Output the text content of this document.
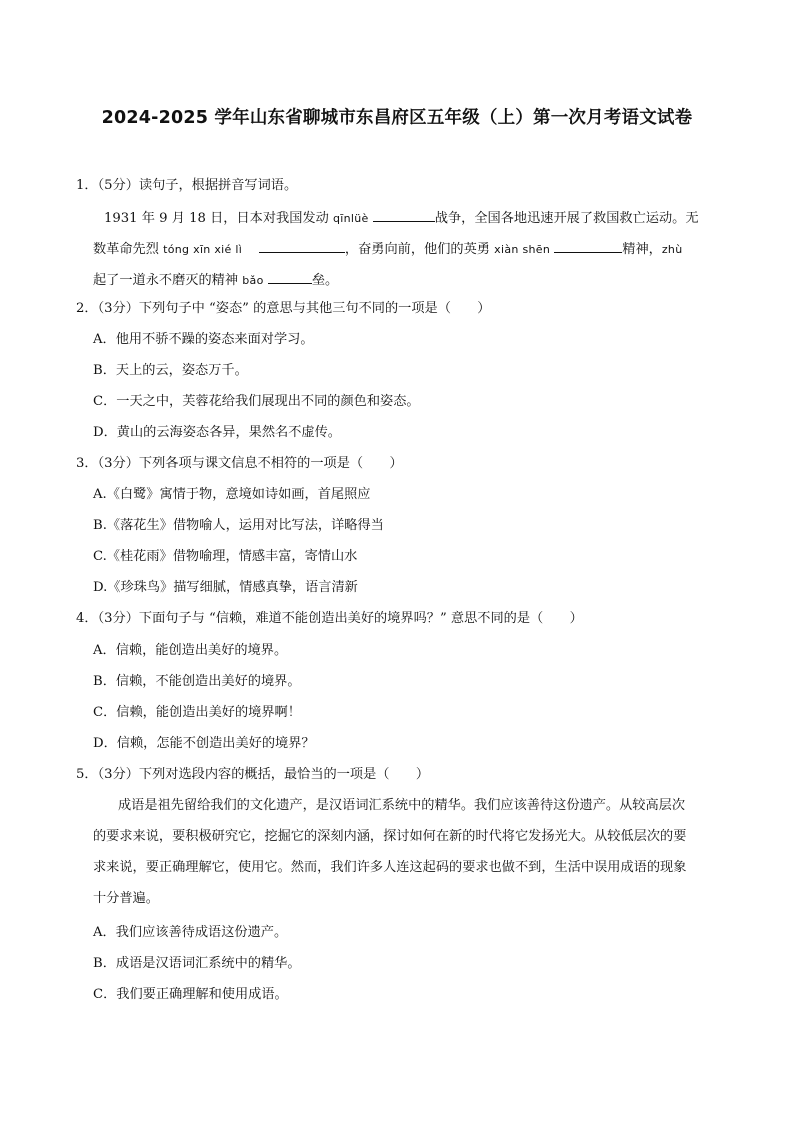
2024-2025 学年山东省聊城市东昌府区五年级（上）第一次月考语文试卷
1．（5分）读句子，根据拼音写词语。
1931 年 9 月 18 日，日本对我国发动 qīnlüè	战争，全国各地迅速开展了救国救亡运动。无
数革命先烈 tóng xīn xié lì	，奋勇向前，他们的英勇 xiàn shēn	精神，zhù
起了一道永不磨灭的精神 bǎo	垒。
2．（3分）下列句子中 “姿态” 的意思与其他三句不同的一项是（　　）
A．他用不骄不躁的姿态来面对学习。
B．天上的云，姿态万千。
C．一天之中，芙蓉花给我们展现出不同的颜色和姿态。
D．黄山的云海姿态各异，果然名不虚传。
3．（3分）下列各项与课文信息不相符的一项是（　　）
A.《白鹭》寓情于物，意境如诗如画，首尾照应
B.《落花生》借物喻人，运用对比写法，详略得当
C.《桂花雨》借物喻理，情感丰富，寄情山水
D.《珍珠鸟》描写细腻，情感真挚，语言清新
4．（3分）下面句子与 “信赖，难道不能创造出美好的境界吗？” 意思不同的是（　　）
A．信赖，能创造出美好的境界。
B．信赖，不能创造出美好的境界。
C．信赖，能创造出美好的境界啊！
D．信赖，怎能不创造出美好的境界？
5．（3分）下列对选段内容的概括，最恰当的一项是（　　）
成语是祖先留给我们的文化遗产，是汉语词汇系统中的精华。我们应该善待这份遗产。从较高层次
的要求来说，要积极研究它，挖掘它的深刻内涵，探讨如何在新的时代将它发扬光大。从较低层次的要
求来说，要正确理解它，使用它。然而，我们许多人连这起码的要求也做不到，生活中误用成语的现象
十分普遍。
A．我们应该善待成语这份遗产。
B．成语是汉语词汇系统中的精华。
C．我们要正确理解和使用成语。
